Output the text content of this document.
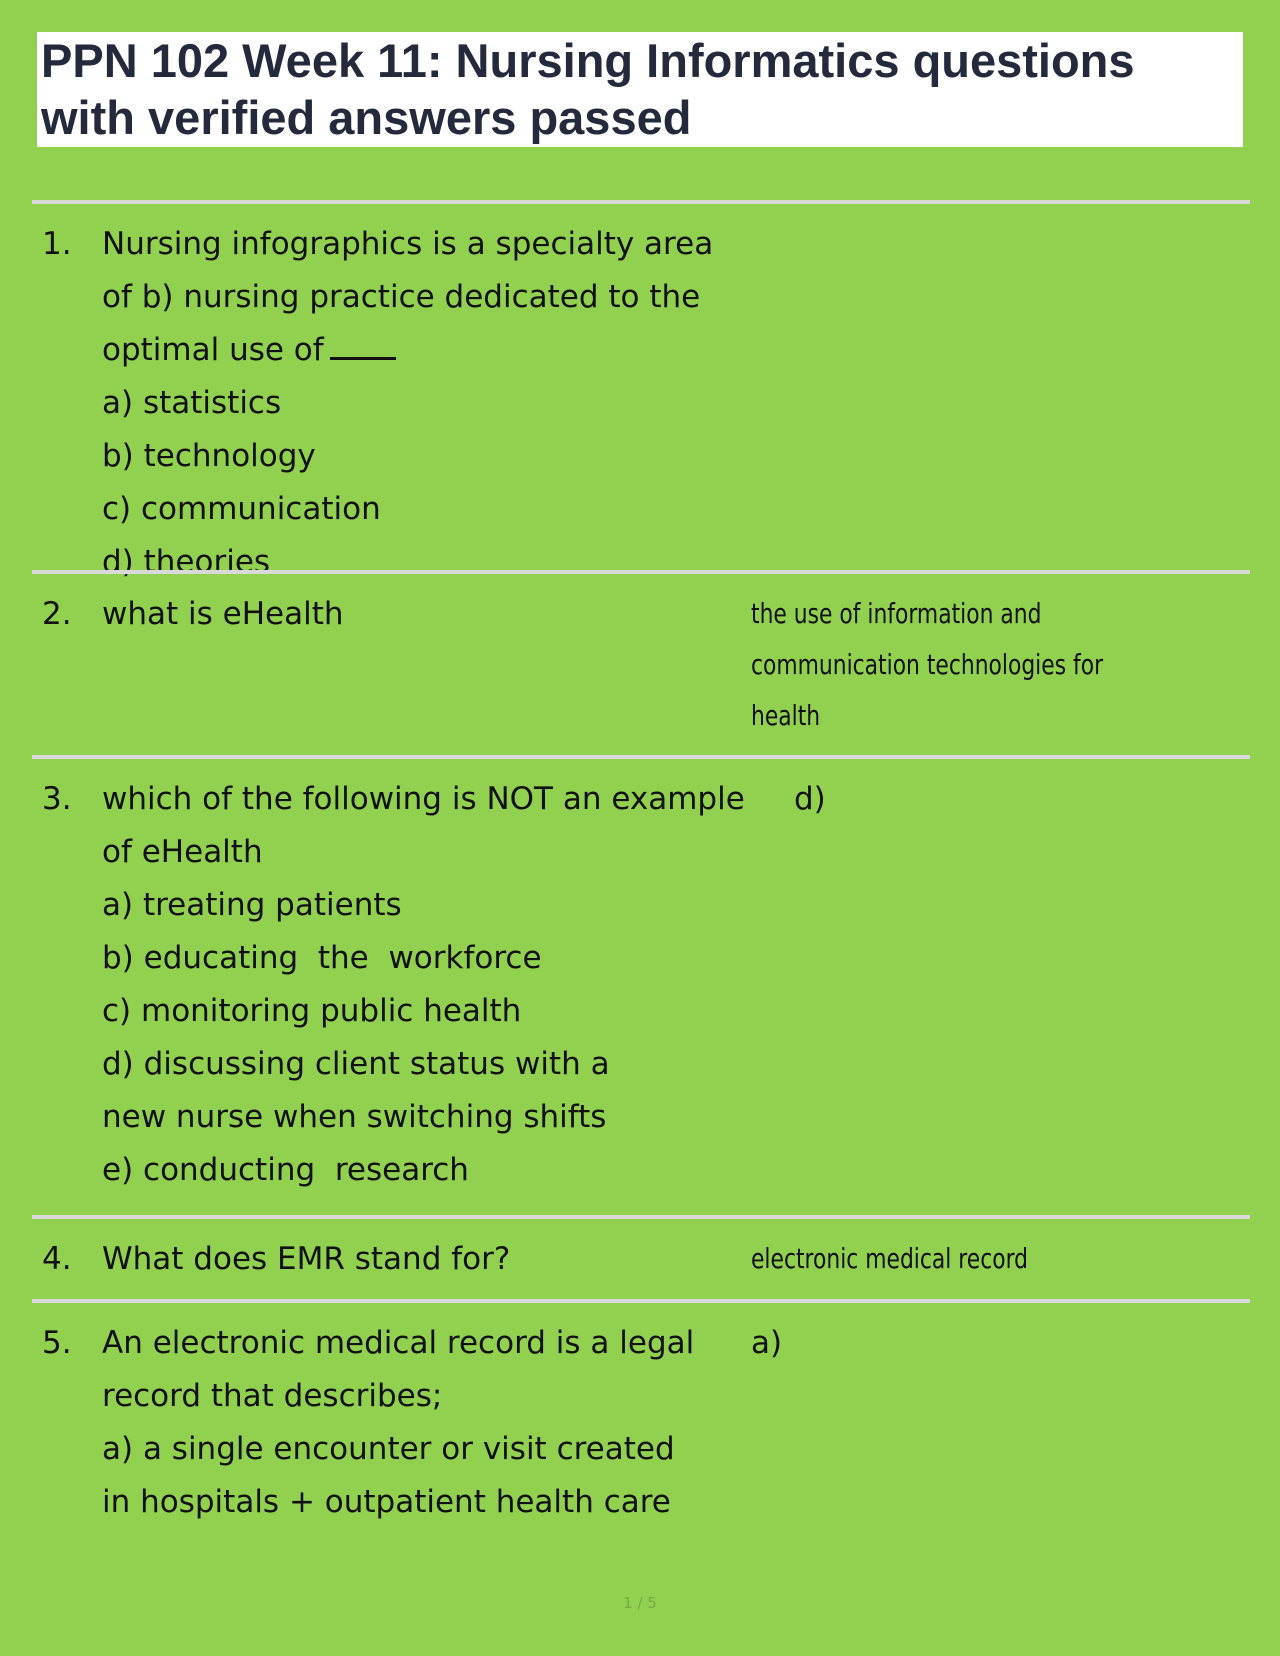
PPN 102 Week 11: Nursing Informatics questions
with verified answers passed
1. Nursing infographics is a specialty area
of b) nursing practice dedicated to the
optimal use of
a) statistics
b) technology
c) communication
d) theories
2. what is eHealth	the use of information and
communication technologies for
health
3. which of the following is NOT an example
of eHealth
a) treating patients
b) educating  the  workforce
c) monitoring public health
d) discussing client status with a
new nurse when switching shifts
e) conducting  research
d)
4. What does EMR stand for?	electronic medical record
5. An electronic medical record is a legal
record that describes;
a) a single encounter or visit created
in hospitals + outpatient health care
a)
1 / 5
